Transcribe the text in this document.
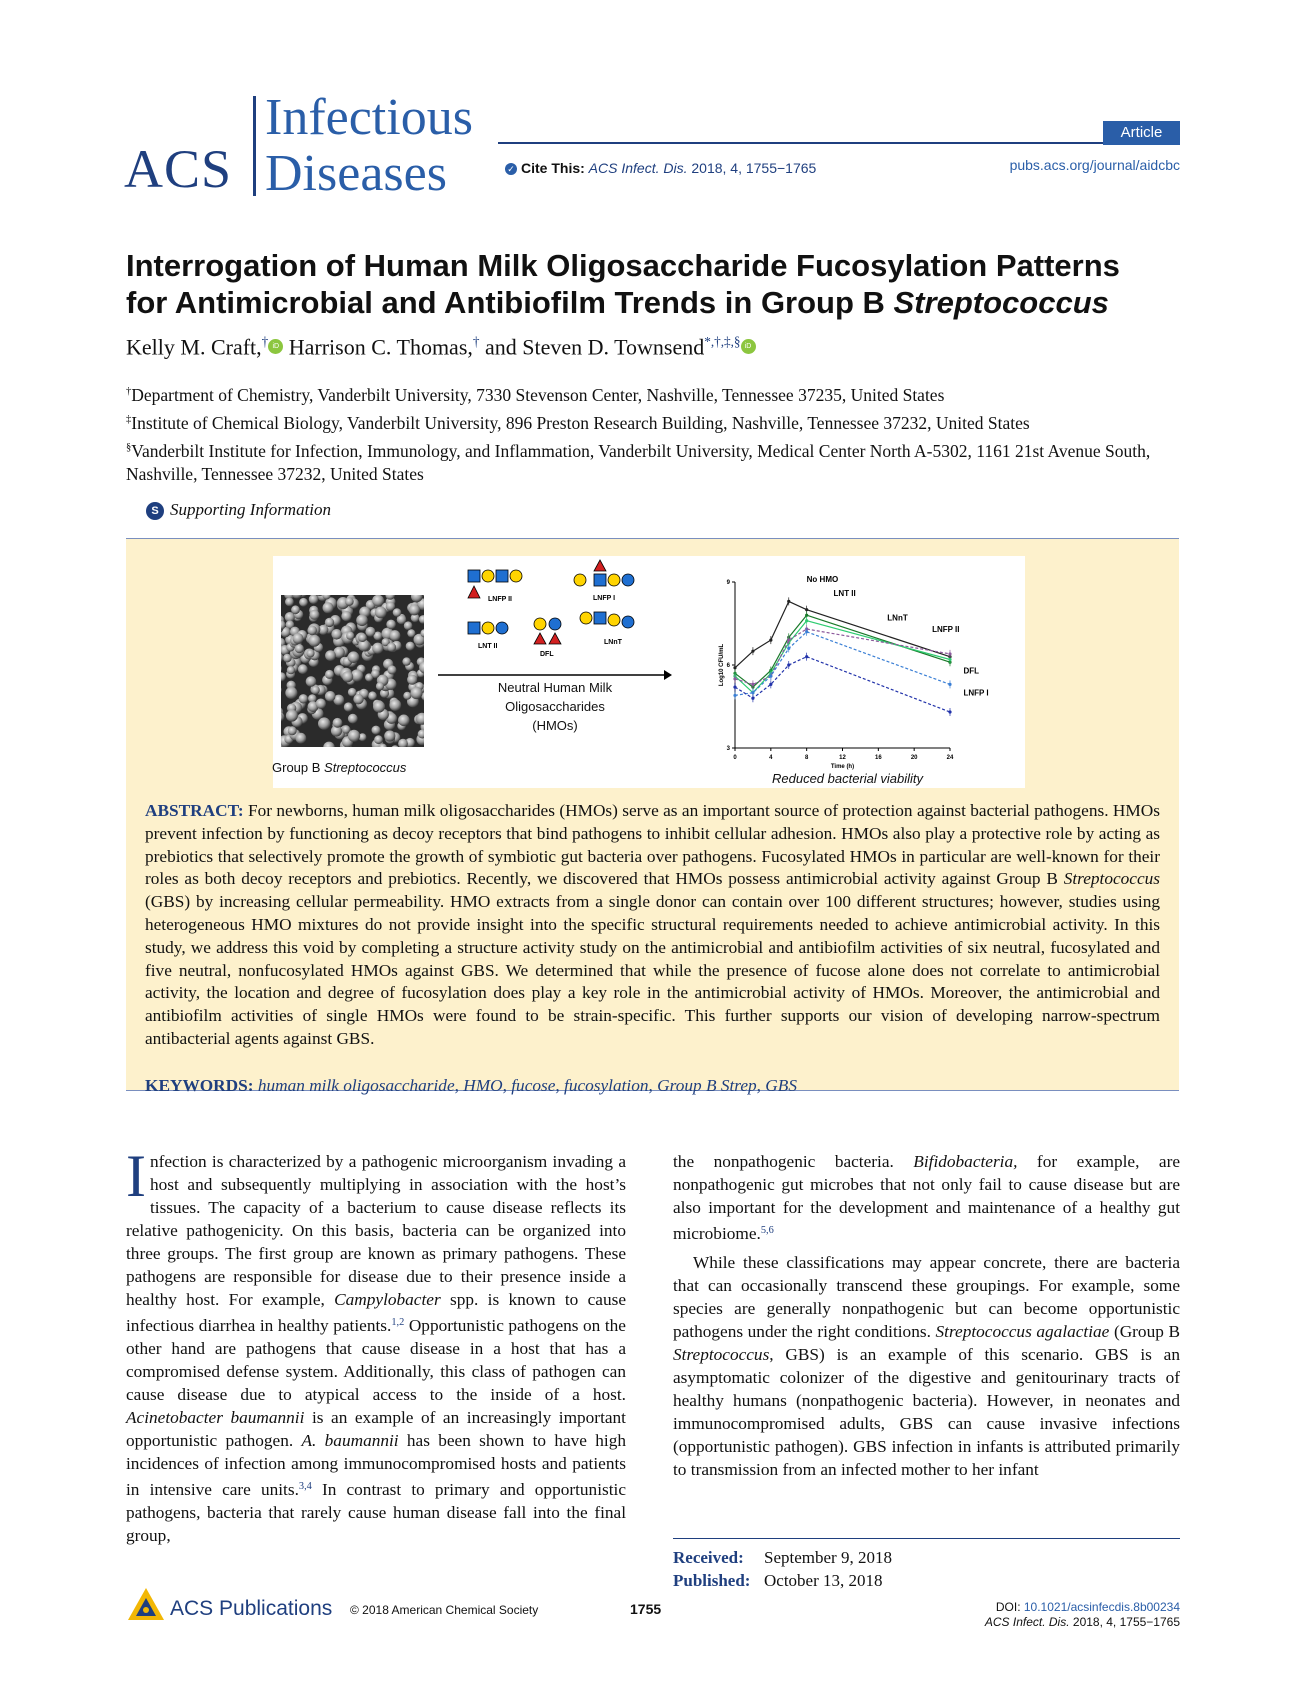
ACS
Infectious
Diseases
Article
✓ Cite This: ACS Infect. Dis. 2018, 4, 1755−1765	pubs.acs.org/journal/aidcbc
Interrogation of Human Milk Oligosaccharide Fucosylation Patterns
for Antimicrobial and Antibiofilm Trends in Group B Streptococcus
Kelly M. Craft,† iD Harrison C. Thomas,† and Steven D. Townsend*,†,‡,§ iD
†Department of Chemistry, Vanderbilt University, 7330 Stevenson Center, Nashville, Tennessee 37235, United States
‡Institute of Chemical Biology, Vanderbilt University, 896 Preston Research Building, Nashville, Tennessee 37232, United States
§Vanderbilt Institute for Infection, Immunology, and Inflammation, Vanderbilt University, Medical Center North A-5302, 1161 21st Avenue South, Nashville, Tennessee 37232, United States
S Supporting Information
Group B Streptococcus
LNFP II	LNFP I
LNT II
DFL
LNnT
Neutral Human Milk
Oligosaccharides
(HMOs)
0	4	8	12	16	20	24
3
6
9
Time (h)
Log10 CFU/mL
No HMO
LNT II
LNnT
LNFP II
DFL
LNFP I
Reduced bacterial viability
ABSTRACT: For newborns, human milk oligosaccharides (HMOs) serve as an important source of protection against bacterial pathogens. HMOs prevent infection by functioning as decoy receptors that bind pathogens to inhibit cellular adhesion. HMOs also play a protective role by acting as prebiotics that selectively promote the growth of symbiotic gut bacteria over pathogens. Fucosylated HMOs in particular are well-known for their roles as both decoy receptors and prebiotics. Recently, we discovered that HMOs possess antimicrobial activity against Group B Streptococcus (GBS) by increasing cellular permeability. HMO extracts from a single donor can contain over 100 different structures; however, studies using heterogeneous HMO mixtures do not provide insight into the specific structural requirements needed to achieve antimicrobial activity. In this study, we address this void by completing a structure activity study on the antimicrobial and antibiofilm activities of six neutral, fucosylated and five neutral, nonfucosylated HMOs against GBS. We determined that while the presence of fucose alone does not correlate to antimicrobial activity, the location and degree of fucosylation does play a key role in the antimicrobial activity of HMOs. Moreover, the antimicrobial and antibiofilm activities of single HMOs were found to be strain-specific. This further supports our vision of developing narrow-spectrum antibacterial agents against GBS.
KEYWORDS: human milk oligosaccharide, HMO, fucose, fucosylation, Group B Strep, GBS

Infection is characterized by a pathogenic microorganism invading a host and subsequently multiplying in association with the host’s tissues. The capacity of a bacterium to cause disease reflects its relative pathogenicity. On this basis, bacteria can be organized into three groups. The first group are known as primary pathogens. These pathogens are responsible for disease due to their presence inside a healthy host. For example, Campylobacter spp. is known to cause infectious diarrhea in healthy patients.$^{1,2}$ Opportunistic pathogens on the other hand are pathogens that cause disease in a host that has a compromised defense system. Additionally, this class of pathogen can cause disease due to atypical access to the inside of a host. Acinetobacter baumannii is an example of an increasingly important opportunistic pathogen. A. baumannii has been shown to have high incidences of infection among immunocompromised hosts and patients in intensive care units.$^{3,4}$ In contrast to primary and opportunistic pathogens, bacteria that rarely cause human disease fall into the final group,

the nonpathogenic bacteria. Bifidobacteria, for example, are nonpathogenic gut microbes that not only fail to cause disease but are also important for the development and maintenance of a healthy gut microbiome.$^{5,6}$

While these classifications may appear concrete, there are bacteria that can occasionally transcend these groupings. For example, some species are generally nonpathogenic but can become opportunistic pathogens under the right conditions. Streptococcus agalactiae (Group B Streptococcus, GBS) is an example of this scenario. GBS is an asymptomatic colonizer of the digestive and genitourinary tracts of healthy humans (nonpathogenic bacteria). However, in neonates and immunocompromised adults, GBS can cause invasive infections (opportunistic pathogen). GBS infection in infants is attributed primarily to transmission from an infected mother to her infant

Received: September 9, 2018
Published: October 13, 2018
ACS Publications © 2018 American Chemical Society	1755	DOI: 10.1021/acsinfecdis.8b00234
ACS Infect. Dis. 2018, 4, 1755−1765
